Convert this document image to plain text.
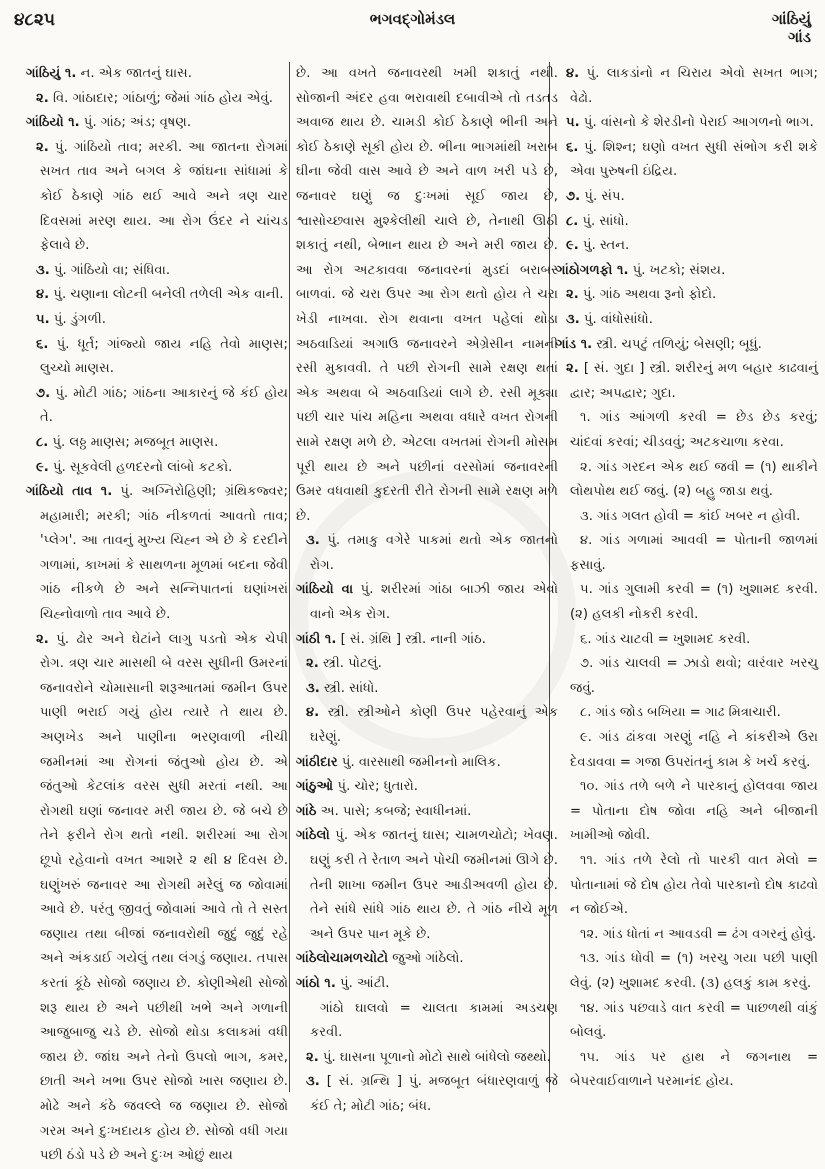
૪૮૨૫	ભગવદ્ગોમંડલ	ગાંઠિયું
ગાંડ

ગાંઠિયું ૧. ન. એક જાતનું ઘાસ.

૨. વિ. ગાંઠાદાર; ગાંઠાળું; જેમાં ગાંઠ હોય એવું.

ગાંઠિયો ૧. પું. ગાંઠ; અંડ; વૃષણ.

૨. પું. ગાંઠિયો તાવ; મરકી. આ જાતના રોગમાં સખત તાવ અને બગલ કે જાંઘના સાંધામાં કે કોઈ ઠેકાણે ગાંઠ થઈ આવે અને ત્રણ ચાર દિવસમાં મરણ થાય. આ રોગ ઉંદર ને ચાંચડ ફેલાવે છે.

૩. પું. ગાંઠિયો વા; સંધિવા.

૪. પું. ચણાના લોટની બનેલી તળેલી એક વાની.

૫. પું. ડુંગળી.

૬. પું. ધૂર્ત; ગાંજ્યો જાય નહિ તેવો માણસ; લુચ્ચો માણસ.

૭. પું. મોટી ગાંઠ; ગાંઠના આકારનું જે કંઈ હોય તે.

૮. પું. લઠ્ઠ માણસ; મજબૂત માણસ.

૯. પું. સૂકવેલી હળદરનો લાંબો કટકો.

ગાંઠિયો તાવ ૧. પું. અગ્નિરોહિણી; ગ્રંથિકજ્વર; મહામારી; મરકી; ગાંઠ નીકળતાં આવતો તાવ; 'પ્લેગ'. આ તાવનું મુખ્ય ચિહ્ન એ છે કે દરદીને ગળામાં, કાખમાં કે સાથળના મૂળમાં બદના જેવી ગાંઠ નીકળે છે અને સન્નિપાતનાં ઘણાંખરાં ચિહ્નોવાળો તાવ આવે છે.

૨. પું. ઢોર અને ઘેટાંને લાગુ પડતો એક ચેપી રોગ. ત્રણ ચાર માસથી બે વરસ સુધીની ઉમરનાં જનાવરોને ચોમાસાની શરૂઆતમાં જમીન ઉપર પાણી ભરાઈ ગયું હોય ત્યારે તે થાય છે. અણખેડ અને પાણીના ભરણવાળી નીચી જમીનમાં આ રોગનાં જંતુઓ હોય છે. એ જંતુઓ કેટલાંક વરસ સુધી મરતાં નથી. આ રોગથી ઘણાં જનાવર મરી જાય છે. જે બચે છે તેને ફરીને રોગ થતો નથી. શરીરમાં આ રોગ છૂપો રહેવાનો વખત આશરે ૨ થી ૪ દિવસ છે. ઘણુંખરું જનાવર આ રોગથી મરેલું જ જોવામાં આવે છે. પરંતુ જીવતું જોવામાં આવે તો તે સસ્ત જણાય તથા બીજાં જનાવરોથી જુદું જુદું રહે અને અંકડાઈ ગયેલું તથા લંગડું જણાય. તપાસ કરતાં કૂંઠે સોજો જણાય છે. કોણીએથી સોજો શરૂ થાય છે અને પછીથી ખભે અને ગળાની આજુબાજુ ચડે છે. સોજો થોડા કલાકમાં વધી જાય છે. જાંઘ અને તેનો ઉપલો ભાગ, કમર, છાતી અને ખભા ઉપર સોજો ખાસ જણાય છે. મોઢે અને કંઠે જવલ્લે જ જણાય છે. સોજો ગરમ અને દુઃખદાયક હોય છે. સોજો વધી ગયા પછી ઠંડો પડે છે અને દુઃખ ઓછું થાય

છે. આ વખતે જનાવરથી ખમી શકાતું નથી. સોજાની અંદર હવા ભરાવાથી દબાવીએ તો તડતડ અવાજ થાય છે. ચામડી કોઈ ઠેકાણે ભીની અને કોઈ ઠેકાણે સૂકી હોય છે. ભીના ભાગમાંથી ખરાબ ઘીના જેવી વાસ આવે છે અને વાળ ખરી પડે છે, જનાવર ઘણું જ દુઃખમાં સૂઈ જાય છે, શ્વાસોચ્છ્વાસ મુશ્કેલીથી ચાલે છે, તેનાથી ઊઠી શકાતું નથી, બેભાન થાય છે અને મરી જાય છે. આ રોગ અટકાવવા જનાવરનાં મુડદાં બરાબર બાળવાં. જે ચરા ઉપર આ રોગ થતો હોય તે ચરા ખેડી નાખવા. રોગ થવાના વખત પહેલાં થોડા અઠવાડિયાં અગાઉ જનાવરને એગ્રેસીન નામની રસી મુકાવવી. તે પછી રોગની સામે રક્ષણ થતાં એક અથવા બે અઠવાડિયાં લાગે છે. રસી મૂક્યા પછી ચાર પાંચ મહિના અથવા વધારે વખત રોગની સામે રક્ષણ મળે છે. એટલા વખતમાં રોગની મોસમ પૂરી થાય છે અને પછીનાં વરસોમાં જનાવરની ઉમર વધવાથી કુદરતી રીતે રોગની સામે રક્ષણ મળે છે.

૩. પું. તમાકુ વગેરે પાકમાં થતો એક જાતનો રોગ.

ગાંઠિયો વા પું. શરીરમાં ગાંઠા બાઝી જાય એવો વાનો એક રોગ.

ગાંઠી ૧. [ સં. ગ્રંથિ ] સ્ત્રી. નાની ગાંઠ.

૨. સ્ત્રી. પોટલું.

૩. સ્ત્રી. સાંધો.

૪. સ્ત્રી. સ્ત્રીઓને કોણી ઉપર પહેરવાનું એક ઘરેણું.

ગાંઠીદાર પું. વારસાથી જમીનનો માલિક.

ગાંઠુઓ પું. ચોર; ધુતારો.

ગાંઠે અ. પાસે; કબજે; સ્વાધીનમાં.

ગાંઠેલો પું. એક જાતનું ઘાસ; ચામળચોટો; ખેવણ. ઘણું કરી તે રેતાળ અને પોચી જમીનમાં ઊગે છે. તેની શાખા જમીન ઉપર આડીઅવળી હોય છે. તેને સાંધે સાંધે ગાંઠ થાય છે. તે ગાંઠ નીચે મૂળ અને ઉપર પાન મૂકે છે.

ગાંઠેલોચામળચોટો જુઓ ગાંઠેલો.

ગાંઠો ૧. પું. આંટી.

ગાંઠો ઘાલવો = ચાલતા કામમાં અડચણ કરવી.

૨. પું. ઘાસના પૂળાનો મોટો સાથે બાંધેલો જથ્થો.

૩. [ સં. ગ્રન્થિ ] પું. મજબૂત બંધારણવાળું જે કંઈ તે; મોટી ગાંઠ; બંધ.

૪. પું. લાકડાંનો ન ચિરાય એવો સખત ભાગ; વેઢો.

૫. પું. વાંસનો કે શેરડીનો પેરાઈ આગળનો ભાગ.

૬. પું. શિશ્ન; ઘણો વખત સુધી સંભોગ કરી શકે એવા પુરુષની ઇંદ્રિય.

૭. પું. સંપ.

૮. પું. સાંધો.

૯. પું. સ્તન.

ગાંઠોગળફો ૧. પું. ખટકો; સંશય.

૨. પું. ગાંઠ અથવા રૂનો ફોદો.

૩. પું. વાંધોસાંધો.

ગાંડ ૧. સ્ત્રી. ચપટું તળિયું; બેસણી; બૂધું.

૨. [ સં. ગુદા ] સ્ત્રી. શરીરનું મળ બહાર કાઢવાનું દ્વાર; અપદ્વાર; ગુદા.

૧. ગાંડ આંગળી કરવી = છેડ છેડ કરવું; ચાંદવાં કરવાં; ચીડવવું; અટકચાળા કરવા.

૨. ગાંડ ગરદન એક થઈ જવી = (૧) થાકીને લોથપોથ થઈ જવું. (૨) બહુ જાડા થવું.

૩. ગાંડ ગલત હોવી = કાંઈ ખબર ન હોવી.

૪. ગાંડ ગળામાં આવવી = પોતાની જાળમાં ફસાવું.

૫. ગાંડ ગુલામી કરવી = (૧) ખુશામદ કરવી. (૨) હલકી નોકરી કરવી.

૬. ગાંડ ચાટવી = ખુશામદ કરવી.

૭. ગાંડ ચાલવી = ઝાડો થવો; વારંવાર ખરચુ જવું.

૮. ગાંડ જોડ બખિયા = ગાઢ મિત્રાચારી.

૯. ગાંડ ઢાંકવા ગરણું નહિ ને કાંકરીએ ઉરા દેવડાવવા = ગજા ઉપરાંતનું કામ કે ખર્ચ કરવું.

૧૦. ગાંડ તળે બળે ને પારકાનું હોલવવા જાય = પોતાના દોષ જોવા નહિ અને બીજાની ખામીઓ જોવી.

૧૧. ગાંડ તળે રેલો તો પારકી વાત મેલો = પોતાનામાં જે દોષ હોય તેવો પારકાનો દોષ કાઢવો ન જોઈએ.

૧૨. ગાંડ ધોતાં ન આવડવી = ઢંગ વગરનું હોવું.

૧૩. ગાંડ ધોવી = (૧) ખરચુ ગયા પછી પાણી લેવું. (૨) ખુશામદ કરવી. (૩) હલકું કામ કરવું.

૧૪. ગાંડ પછવાડે વાત કરવી = પાછળથી વાંકું બોલવું.

૧૫. ગાંડ પર હાથ ને જગનાથ = બેપરવાઈવાળાને પરમાનંદ હોય.
